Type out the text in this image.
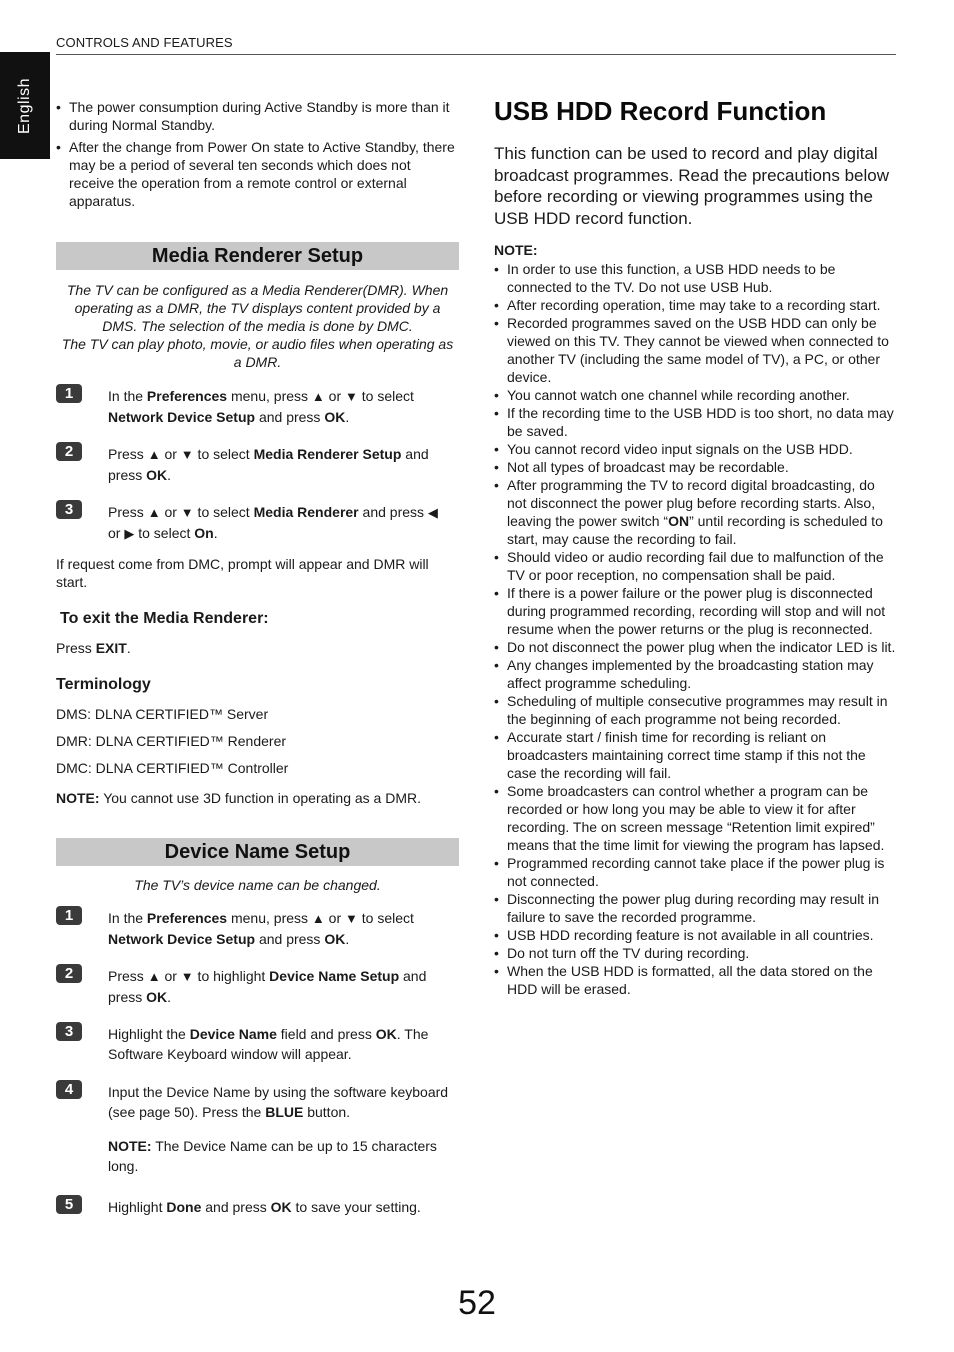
CONTROLS AND FEATURES
English
•	The power consumption during Active Standby is more than it during Normal Standby.
• After the change from Power On state to Active Standby, there may be a period of several ten seconds which does not receive the operation from a remote control or external apparatus.
Media Renderer Setup
The TV can be configured as a Media Renderer(DMR). When operating as a DMR, the TV displays content provided by a DMS. The selection of the media is done by DMC.
The TV can play photo, movie, or audio files when operating as a DMR.
1	In the Preferences menu, press ▲ or ▼ to select Network Device Setup and press OK.
2	Press ▲ or ▼ to select Media Renderer Setup and press OK.
3	Press ▲ or ▼ to select Media Renderer and press ◀
or ▶ to select On.
If request come from DMC, prompt will appear and DMR will start.
To exit the Media Renderer:
Press EXIT.
Terminology
DMS: DLNA CERTIFIED™ Server
DMR: DLNA CERTIFIED™ Renderer
DMC: DLNA CERTIFIED™ Controller
NOTE: You cannot use 3D function in operating as a DMR.
Device Name Setup
The TV’s device name can be changed.
1	In the Preferences menu, press ▲ or ▼ to select Network Device Setup and press OK.
2	Press ▲ or ▼ to highlight Device Name Setup and press OK.
3	Highlight the Device Name field and press OK. The Software Keyboard window will appear.
4	Input the Device Name by using the software keyboard (see page 50). Press the BLUE button.
NOTE: The Device Name can be up to 15 characters long.
5	Highlight Done and press OK to save your setting.
USB HDD Record Function
This function can be used to record and play digital broadcast programmes. Read the precautions below before recording or viewing programmes using the USB HDD record function.
NOTE:
• In order to use this function, a USB HDD needs to be connected to the TV. Do not use USB Hub.
• After recording operation, time may take to a recording start.
• Recorded programmes saved on the USB HDD can only be viewed on this TV. They cannot be viewed when connected to another TV (including the same model of TV), a PC, or other device.
• You cannot watch one channel while recording another.
• If the recording time to the USB HDD is too short, no data may be saved.
• You cannot record video input signals on the USB HDD.
• Not all types of broadcast may be recordable.
• After programming the TV to record digital broadcasting, do not disconnect the power plug before recording starts. Also, leaving the power switch “ON” until recording is scheduled to start, may cause the recording to fail.
• Should video or audio recording fail due to malfunction of the TV or poor reception, no compensation shall be paid.
• If there is a power failure or the power plug is disconnected during programmed recording, recording will stop and will not resume when the power returns or the plug is reconnected.
• Do not disconnect the power plug when the indicator LED is lit.
• Any changes implemented by the broadcasting station may affect programme scheduling.
• Scheduling of multiple consecutive programmes may result in the beginning of each programme not being recorded.
• Accurate start / finish time for recording is reliant on broadcasters maintaining correct time stamp if this not the case the recording will fail.
• Some broadcasters can control whether a program can be recorded or how long you may be able to view it for after recording. The on screen message “Retention limit expired” means that the time limit for viewing the program has lapsed.
• Programmed recording cannot take place if the power plug is not connected.
• Disconnecting the power plug during recording may result in failure to save the recorded programme.
• USB HDD recording feature is not available in all countries.
• Do not turn off the TV during recording.
• When the USB HDD is formatted, all the data stored on the HDD will be erased.
52
